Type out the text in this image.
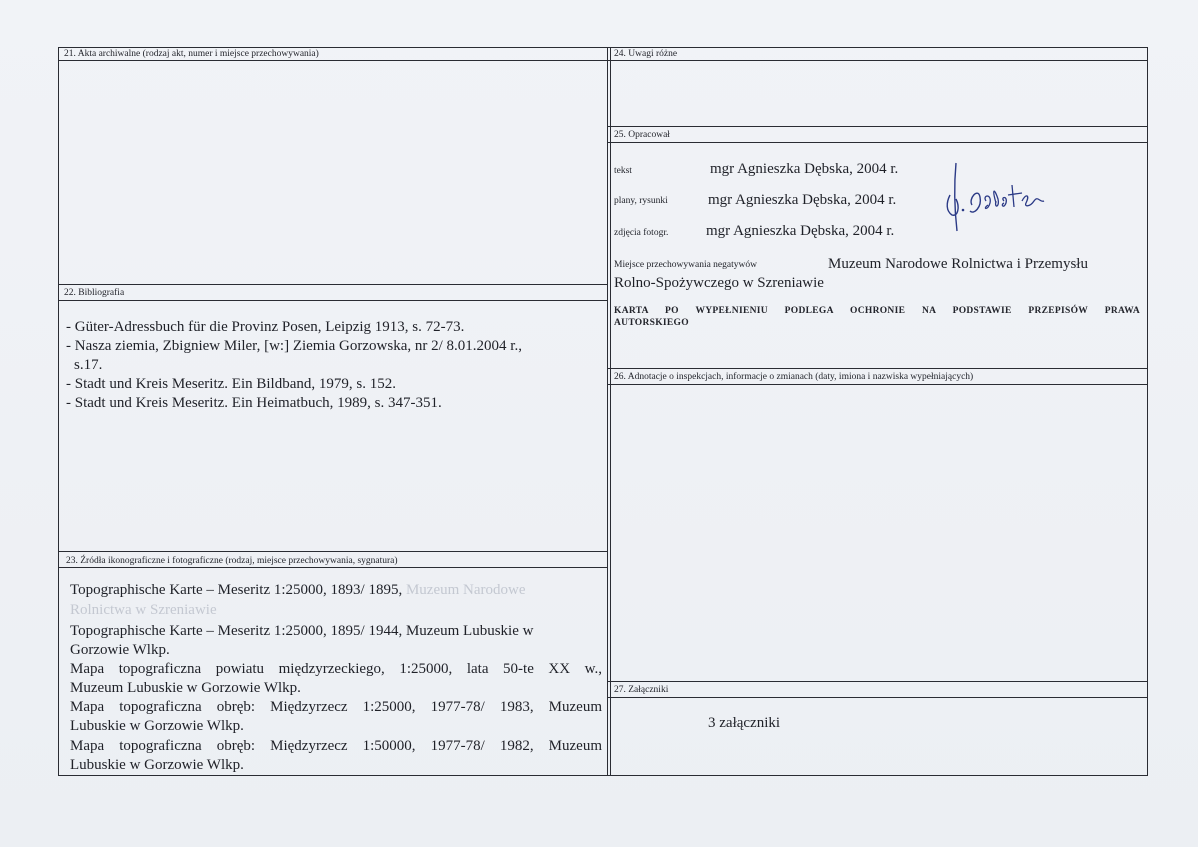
21. Akta archiwalne (rodzaj akt, numer i miejsce przechowywania)
22. Bibliografia
- Güter-Adressbuch für die Provinz Posen, Leipzig 1913, s. 72-73.
- Nasza ziemia, Zbigniew Miler, [w:] Ziemia Gorzowska, nr 2/ 8.01.2004 r.,
s.17.
- Stadt und Kreis Meseritz. Ein Bildband, 1979, s. 152.
- Stadt und Kreis Meseritz. Ein Heimatbuch, 1989, s. 347-351.
23. Źródła ikonograficzne i fotograficzne (rodzaj, miejsce przechowywania, sygnatura)
Topographische Karte – Meseritz 1:25000, 1893/ 1895, Muzeum Narodowe
Rolnictwa w Szreniawie
Topographische Karte – Meseritz 1:25000, 1895/ 1944, Muzeum Lubuskie w
Gorzowie Wlkp.
Mapa topograficzna powiatu międzyrzeckiego, 1:25000, lata 50-te XX w.,
Muzeum Lubuskie w Gorzowie Wlkp.
Mapa topograficzna obręb: Międzyrzecz 1:25000, 1977-78/ 1983, Muzeum
Lubuskie w Gorzowie Wlkp.
Mapa topograficzna obręb: Międzyrzecz 1:50000, 1977-78/ 1982, Muzeum
Lubuskie w Gorzowie Wlkp.
24. Uwagi różne
25. Opracował
tekst	mgr Agnieszka Dębska, 2004 r.
plany, rysunki	mgr Agnieszka Dębska, 2004 r.
zdjęcia fotogr.	mgr Agnieszka Dębska, 2004 r.
Miejsce przechowywania negatywów	Muzeum Narodowe Rolnictwa i Przemysłu
Rolno-Spożywczego w Szreniawie
KARTA PO WYPEŁNIENIU PODLEGA OCHRONIE NA PODSTAWIE PRZEPISÓW PRAWA
AUTORSKIEGO
26. Adnotacje o inspekcjach, informacje o zmianach (daty, imiona i nazwiska wypełniających)
27. Załączniki
3 załączniki
